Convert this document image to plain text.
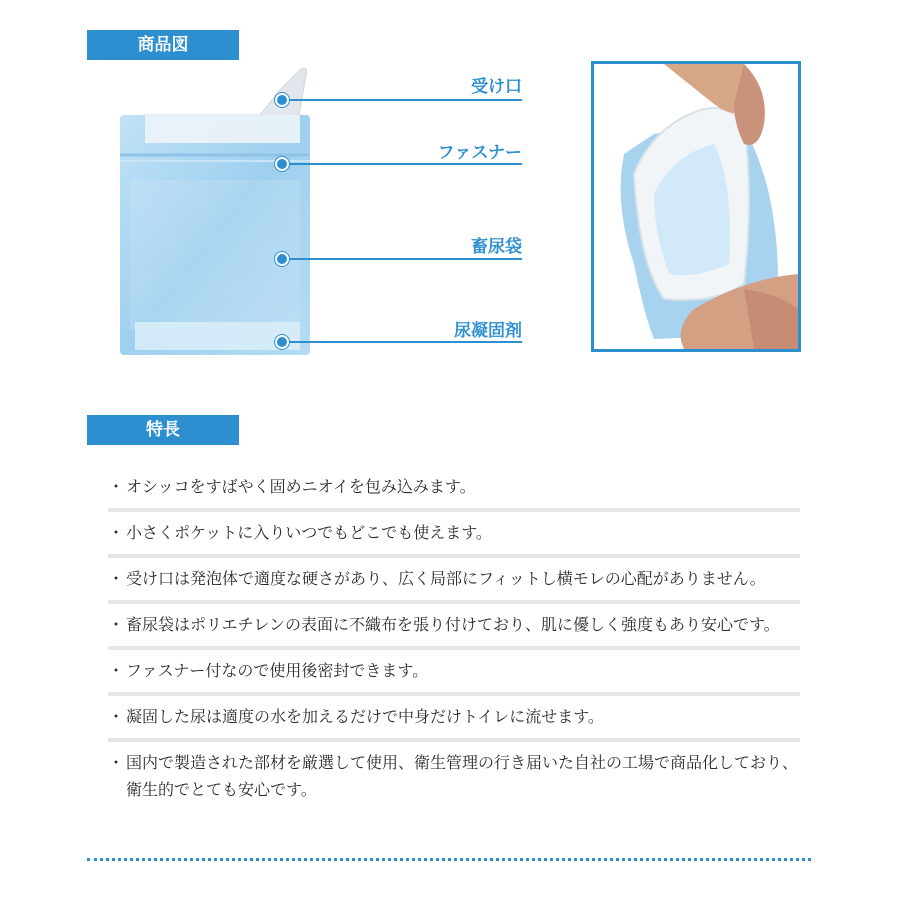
商品図
受け口
ファスナー
畜尿袋
尿凝固剤
特長
・ オシッコをすばやく固めニオイを包み込みます。
・ 小さくポケットに入りいつでもどこでも使えます。
・ 受け口は発泡体で適度な硬さがあり、広く局部にフィットし横モレの心配がありません。
・ 畜尿袋はポリエチレンの表面に不織布を張り付けており、肌に優しく強度もあり安心です。
・ ファスナー付なので使用後密封できます。
・ 凝固した尿は適度の水を加えるだけで中身だけトイレに流せます。
・ 国内で製造された部材を厳選して使用、衛生管理の行き届いた自社の工場で商品化しており、衛生的でとても安心です。
